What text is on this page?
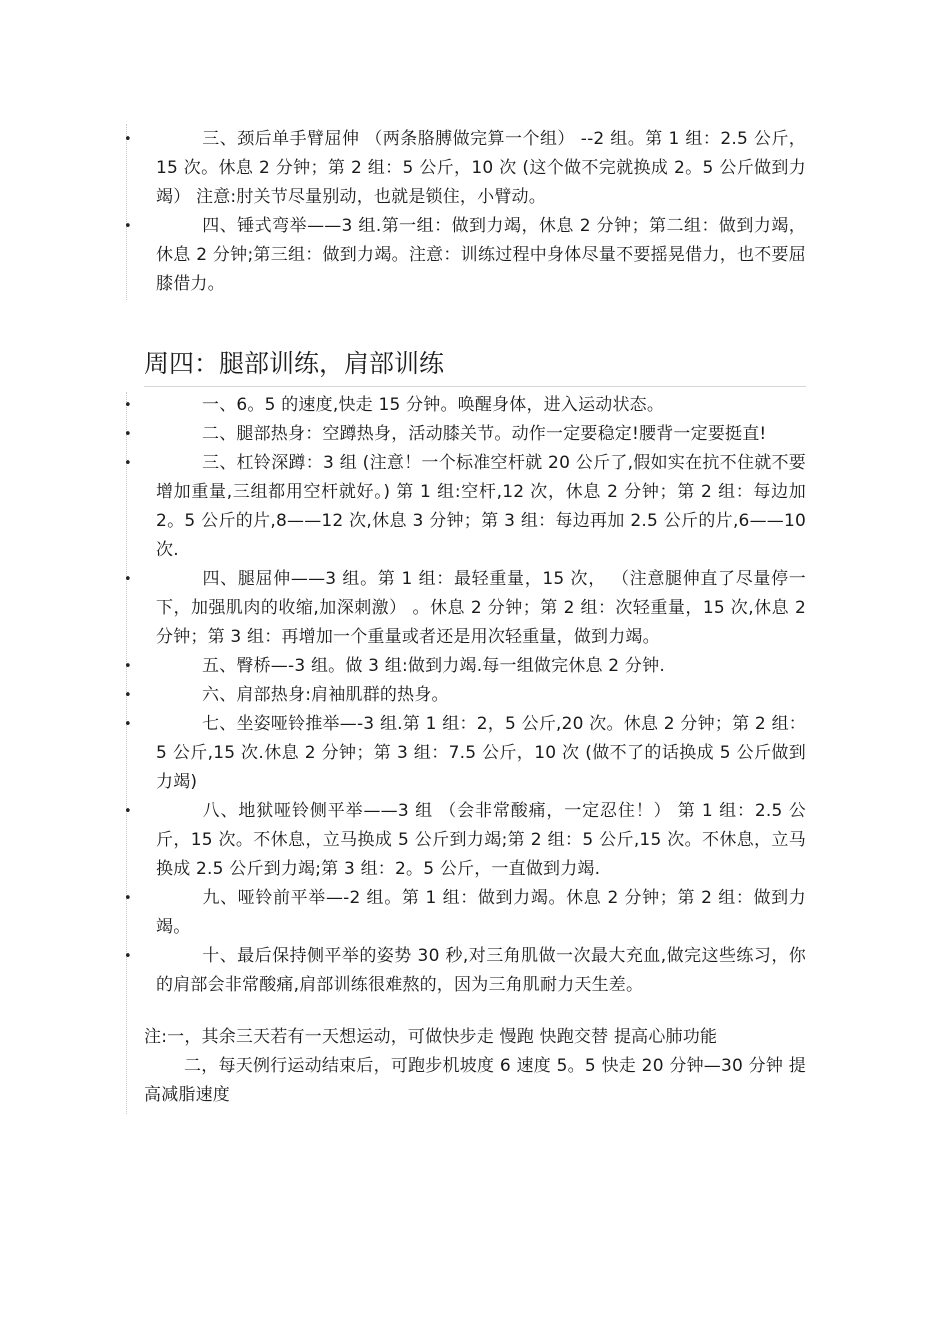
•	三、颈后单手臂屈伸 （两条胳膊做完算一个组） --2 组。第 1 组：2.5 公斤，15 次。休息 2 分钟；第 2 组：5 公斤，10 次 (这个做不完就换成 2。5 公斤做到力竭） 注意:肘关节尽量别动，也就是锁住，小臂动。
•	四、锤式弯举——3 组.第一组：做到力竭，休息 2 分钟；第二组：做到力竭，休息 2 分钟;第三组：做到力竭。注意：训练过程中身体尽量不要摇晃借力，也不要屈膝借力。
周四：腿部训练，肩部训练
•	一、6。5 的速度,快走 15 分钟。唤醒身体，进入运动状态。
•	二、腿部热身：空蹲热身，活动膝关节。动作一定要稳定!腰背一定要挺直!
•	三、杠铃深蹲：3 组 (注意！一个标准空杆就 20 公斤了,假如实在抗不住就不要增加重量,三组都用空杆就好。) 第 1 组:空杆,12 次，休息 2 分钟；第 2 组：每边加 2。5 公斤的片,8——12 次,休息 3 分钟；第 3 组：每边再加 2.5 公斤的片,6——10 次.
•	四、腿屈伸——3 组。第 1 组：最轻重量，15 次， （注意腿伸直了尽量停一下，加强肌肉的收缩,加深刺激） 。休息 2 分钟；第 2 组：次轻重量，15 次,休息 2 分钟；第 3 组：再增加一个重量或者还是用次轻重量，做到力竭。
•	五、臀桥—-3 组。做 3 组:做到力竭.每一组做完休息 2 分钟.
•	六、肩部热身:肩袖肌群的热身。
•	七、坐姿哑铃推举—-3 组.第 1 组：2，5 公斤,20 次。休息 2 分钟；第 2 组：5 公斤,15 次.休息 2 分钟；第 3 组：7.5 公斤，10 次 (做不了的话换成 5 公斤做到力竭)
•	八、地狱哑铃侧平举——3 组 （会非常酸痛，一定忍住！） 第 1 组：2.5 公斤，15 次。不休息，立马换成 5 公斤到力竭;第 2 组：5 公斤,15 次。不休息，立马换成 2.5 公斤到力竭;第 3 组：2。5 公斤，一直做到力竭.
•	九、哑铃前平举—-2 组。第 1 组：做到力竭。休息 2 分钟；第 2 组：做到力竭。
•	十、最后保持侧平举的姿势 30 秒,对三角肌做一次最大充血,做完这些练习，你的肩部会非常酸痛,肩部训练很难熬的，因为三角肌耐力天生差。

注:一，其余三天若有一天想运动，可做快步走 慢跑 快跑交替 提高心肺功能

二，每天例行运动结束后，可跑步机坡度 6 速度 5。5 快走 20 分钟—30 分钟 提高减脂速度
